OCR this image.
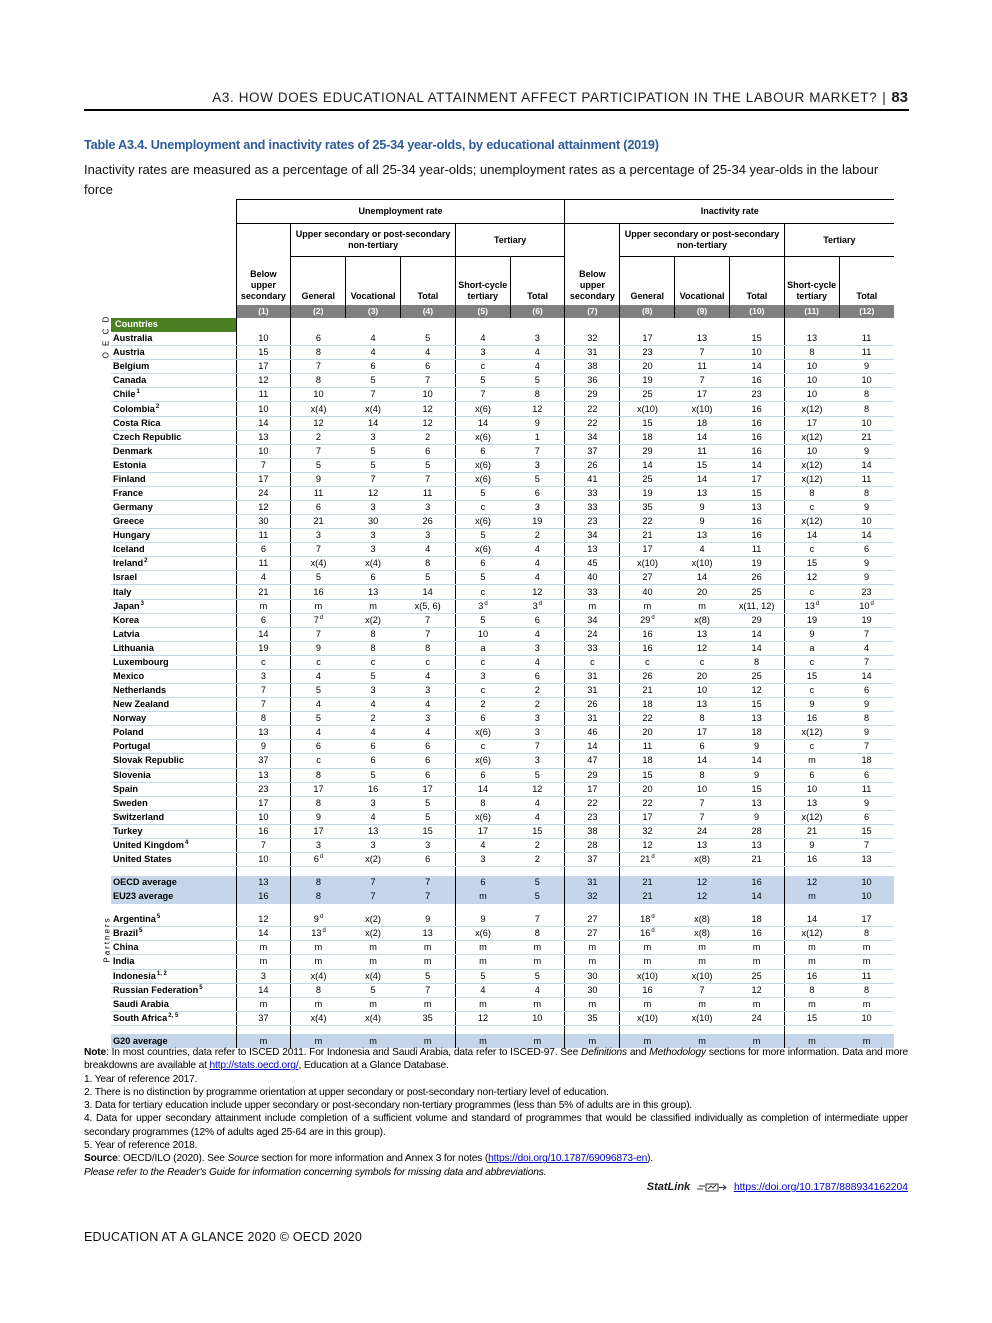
A3. HOW DOES EDUCATIONAL ATTAINMENT AFFECT PARTICIPATION IN THE LABOUR MARKET? | 83
Table A3.4. Unemployment and inactivity rates of 25-34 year-olds, by educational attainment (2019)
Inactivity rates are measured as a percentage of all 25-34 year-olds; unemployment rates as a percentage of 25-34 year-olds in the labour force
		Unemployment rate						Inactivity rate					
			Upper secondary or post-secondary non-tertiary			Tertiary			Upper secondary or post-secondary non-tertiary			Tertiary	
		Below upper secondary	General	Vocational	Total	Short-cycle tertiary	Total	Below upper secondary	General	Vocational	Total	Short-cycle tertiary	Total
		(1)	(2)	(3)	(4)	(5)	(6)	(7)	(8)	(9)	(10)	(11)	(12)
O E C D	Countries												
	Australia	10	6	4	5	4	3	32	17	13	15	13	11
	Austria	15	8	4	4	3	4	31	23	7	10	8	11
	Belgium	17	7	6	6	c	4	38	20	11	14	10	9
	Canada	12	8	5	7	5	5	36	19	7	16	10	10
	Chile$^1$	11	10	7	10	7	8	29	25	17	23	10	8
	Colombia$^2$	10	x(4)	x(4)	12	x(6)	12	22	x(10)	x(10)	16	x(12)	8
	Costa Rica	14	12	14	12	14	9	22	15	18	16	17	10
	Czech Republic	13	2	3	2	x(6)	1	34	18	14	16	x(12)	21
	Denmark	10	7	5	6	6	7	37	29	11	16	10	9
	Estonia	7	5	5	5	x(6)	3	26	14	15	14	x(12)	14
	Finland	17	9	7	7	x(6)	5	41	25	14	17	x(12)	11
	France	24	11	12	11	5	6	33	19	13	15	8	8
	Germany	12	6	3	3	c	3	33	35	9	13	c	9
	Greece	30	21	30	26	x(6)	19	23	22	9	16	x(12)	10
	Hungary	11	3	3	3	5	2	34	21	13	16	14	14
	Iceland	6	7	3	4	x(6)	4	13	17	4	11	c	6
	Ireland$^2$	11	x(4)	x(4)	8	6	4	45	x(10)	x(10)	19	15	9
	Israel	4	5	6	5	5	4	40	27	14	26	12	9
	Italy	21	16	13	14	c	12	33	40	20	25	c	23
	Japan$^3$	m	m	m	x(5, 6)	3$^d$	3$^d$	m	m	m	x(11, 12)	13$^d$	10$^d$
	Korea	6	7$^d$	x(2)	7	5	6	34	29$^d$	x(8)	29	19	19
	Latvia	14	7	8	7	10	4	24	16	13	14	9	7
	Lithuania	19	9	8	8	a	3	33	16	12	14	a	4
	Luxembourg	c	c	c	c	c	4	c	c	c	8	c	7
	Mexico	3	4	5	4	3	6	31	26	20	25	15	14
	Netherlands	7	5	3	3	c	2	31	21	10	12	c	6
	New Zealand	7	4	4	4	2	2	26	18	13	15	9	9
	Norway	8	5	2	3	6	3	31	22	8	13	16	8
	Poland	13	4	4	4	x(6)	3	46	20	17	18	x(12)	9
	Portugal	9	6	6	6	c	7	14	11	6	9	c	7
	Slovak Republic	37	c	6	6	x(6)	3	47	18	14	14	m	18
	Slovenia	13	8	5	6	6	5	29	15	8	9	6	6
	Spain	23	17	16	17	14	12	17	20	10	15	10	11
	Sweden	17	8	3	5	8	4	22	22	7	13	13	9
	Switzerland	10	9	4	5	x(6)	4	23	17	7	9	x(12)	6
	Turkey	16	17	13	15	17	15	38	32	24	28	21	15
	United Kingdom$^4$	7	3	3	3	4	2	28	12	13	13	9	7
	United States	10	6$^d$	x(2)	6	3	2	37	21$^d$	x(8)	21	16	13

	OECD average	13	8	7	7	6	5	31	21	12	16	12	10
	EU23 average	16	8	7	7	m	5	32	21	12	14	m	10

Partners	Argentina$^5$	12	9$^d$	x(2)	9	9	7	27	18$^d$	x(8)	18	14	17
	Brazil$^5$	14	13$^d$	x(2)	13	x(6)	8	27	16$^d$	x(8)	16	x(12)	8
	China	m	m	m	m	m	m	m	m	m	m	m	m
	India	m	m	m	m	m	m	m	m	m	m	m	m
	Indonesia$^{1, 2}$	3	x(4)	x(4)	5	5	5	30	x(10)	x(10)	25	16	11
	Russian Federation$^5$	14	8	5	7	4	4	30	16	7	12	8	8
	Saudi Arabia	m	m	m	m	m	m	m	m	m	m	m	m
	South Africa$^{2, 5}$	37	x(4)	x(4)	35	12	10	35	x(10)	x(10)	24	15	10

	G20 average	m	m	m	m	m	m	m	m	m	m	m	m

Note: In most countries, data refer to ISCED 2011. For Indonesia and Saudi Arabia, data refer to ISCED-97. See Definitions and Methodology sections for more information. Data and more breakdowns are available at http://stats.oecd.org/, Education at a Glance Database.

1. Year of reference 2017.

2. There is no distinction by programme orientation at upper secondary or post-secondary non-tertiary level of education.

3. Data for tertiary education include upper secondary or post-secondary non-tertiary programmes (less than 5% of adults are in this group).

4. Data for upper secondary attainment include completion of a sufficient volume and standard of programmes that would be classified individually as completion of intermediate upper secondary programmes (12% of adults aged 25-64 are in this group).

5. Year of reference 2018.

Source: OECD/ILO (2020). See Source section for more information and Annex 3 for notes (https://doi.org/10.1787/69096873-en).

Please refer to the Reader's Guide for information concerning symbols for missing data and abbreviations.

StatLink	https://doi.org/10.1787/888934162204
EDUCATION AT A GLANCE 2020 © OECD 2020
